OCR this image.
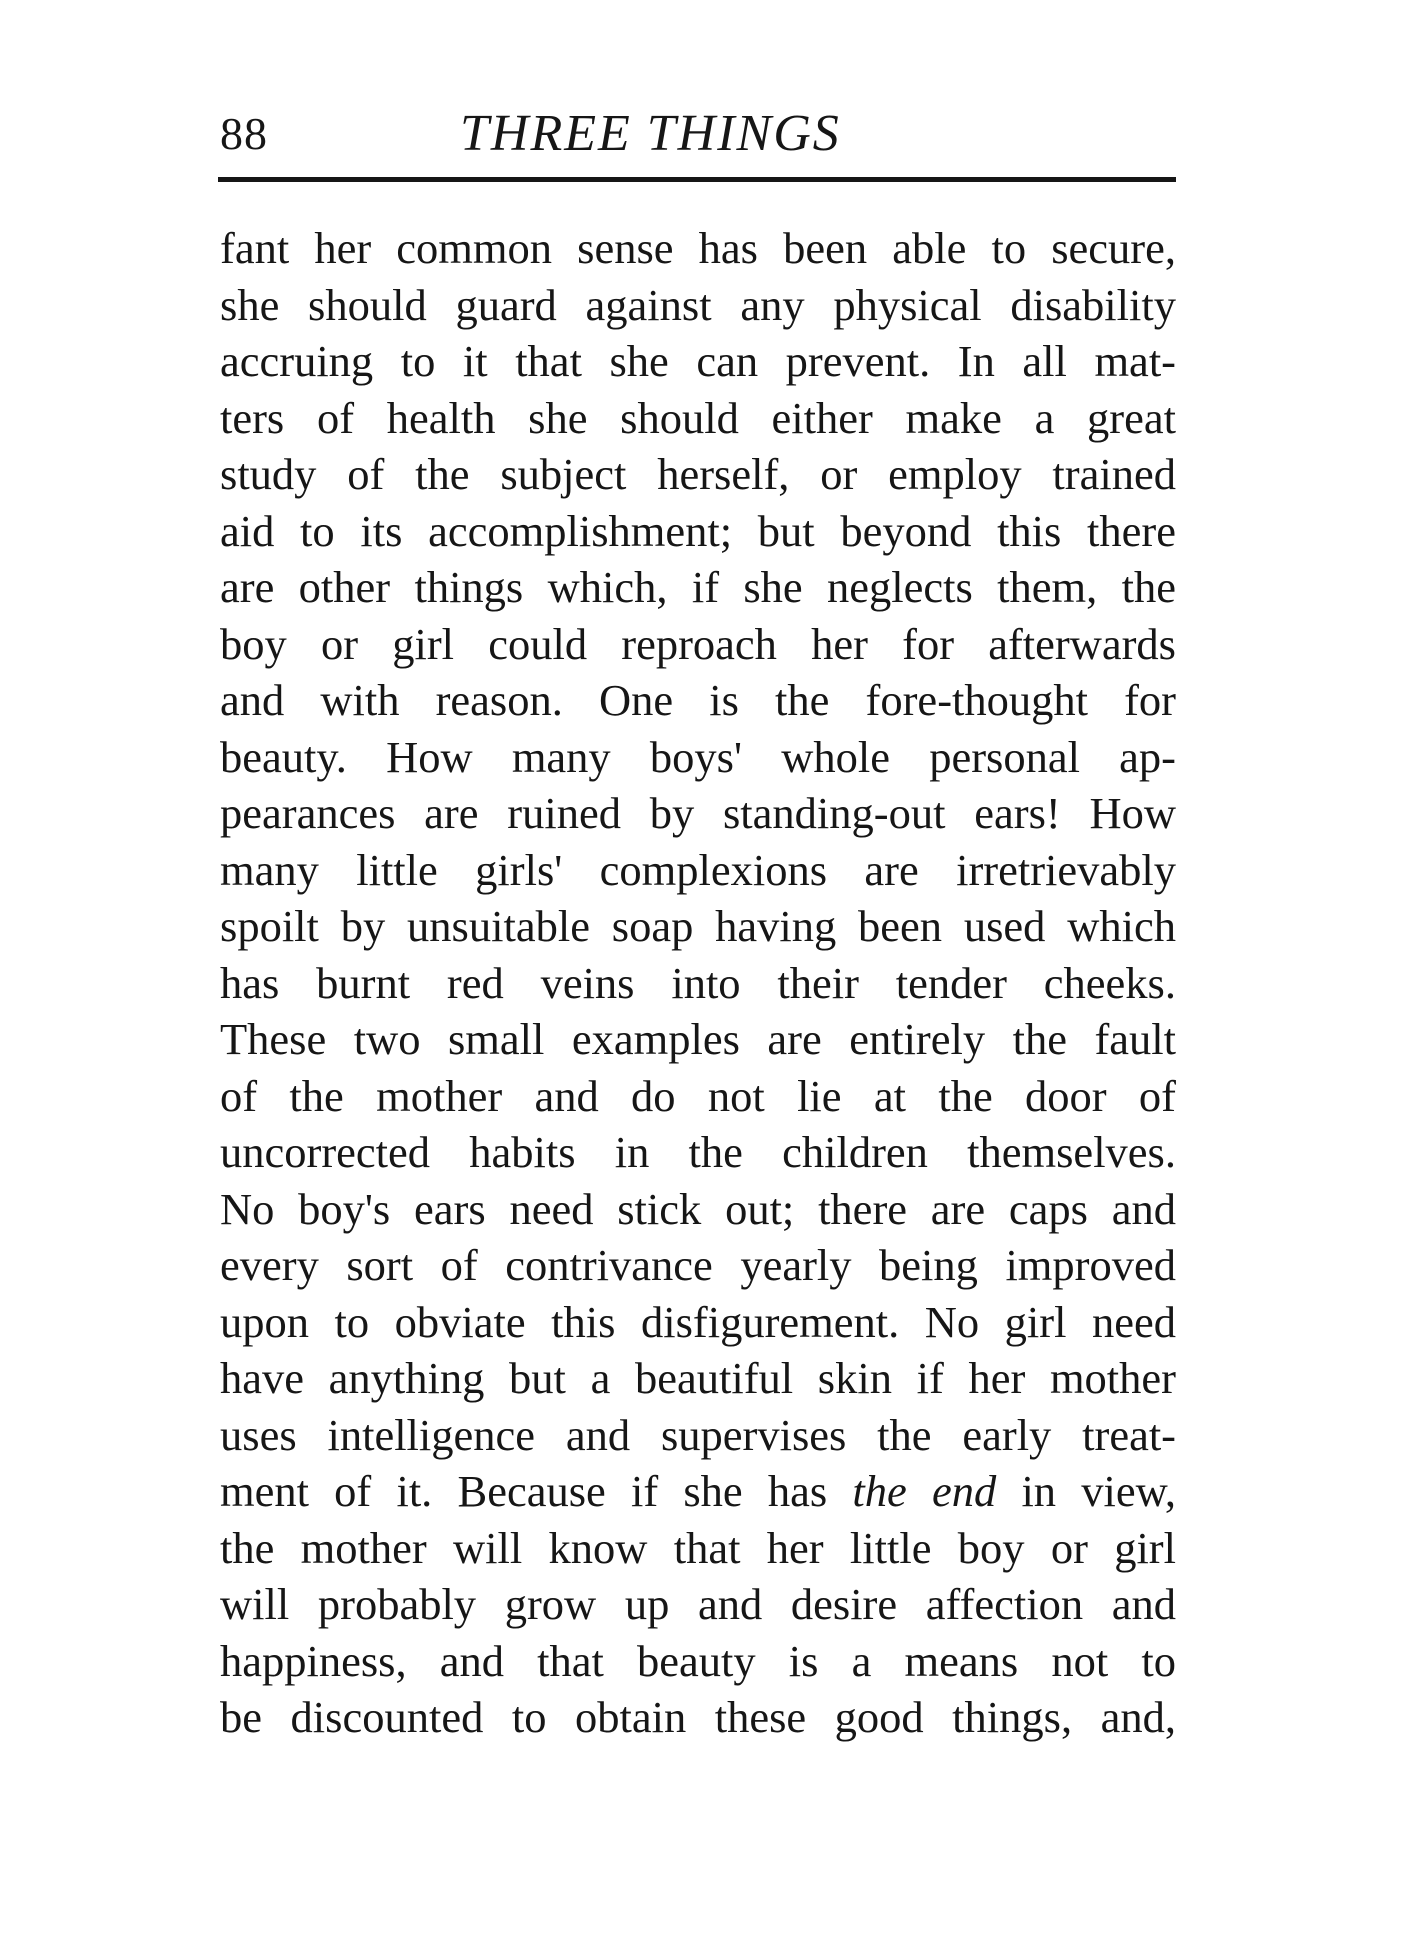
88	THREE THINGS
fant her common sense has been able to secure,
she should guard against any physical disability
accruing to it that she can prevent. In all mat-
ters of health she should either make a great
study of the subject herself, or employ trained
aid to its accomplishment; but beyond this there
are other things which, if she neglects them, the
boy or girl could reproach her for afterwards
and with reason. One is the fore-thought for
beauty. How many boys' whole personal ap-
pearances are ruined by standing-out ears! How
many little girls' complexions are irretrievably
spoilt by unsuitable soap having been used which
has burnt red veins into their tender cheeks.
These two small examples are entirely the fault
of the mother and do not lie at the door of
uncorrected habits in the children themselves.
No boy's ears need stick out; there are caps and
every sort of contrivance yearly being improved
upon to obviate this disfigurement. No girl need
have anything but a beautiful skin if her mother
uses intelligence and supervises the early treat-
ment of it. Because if she has the end in view,
the mother will know that her little boy or girl
will probably grow up and desire affection and
happiness, and that beauty is a means not to
be discounted to obtain these good things, and,
